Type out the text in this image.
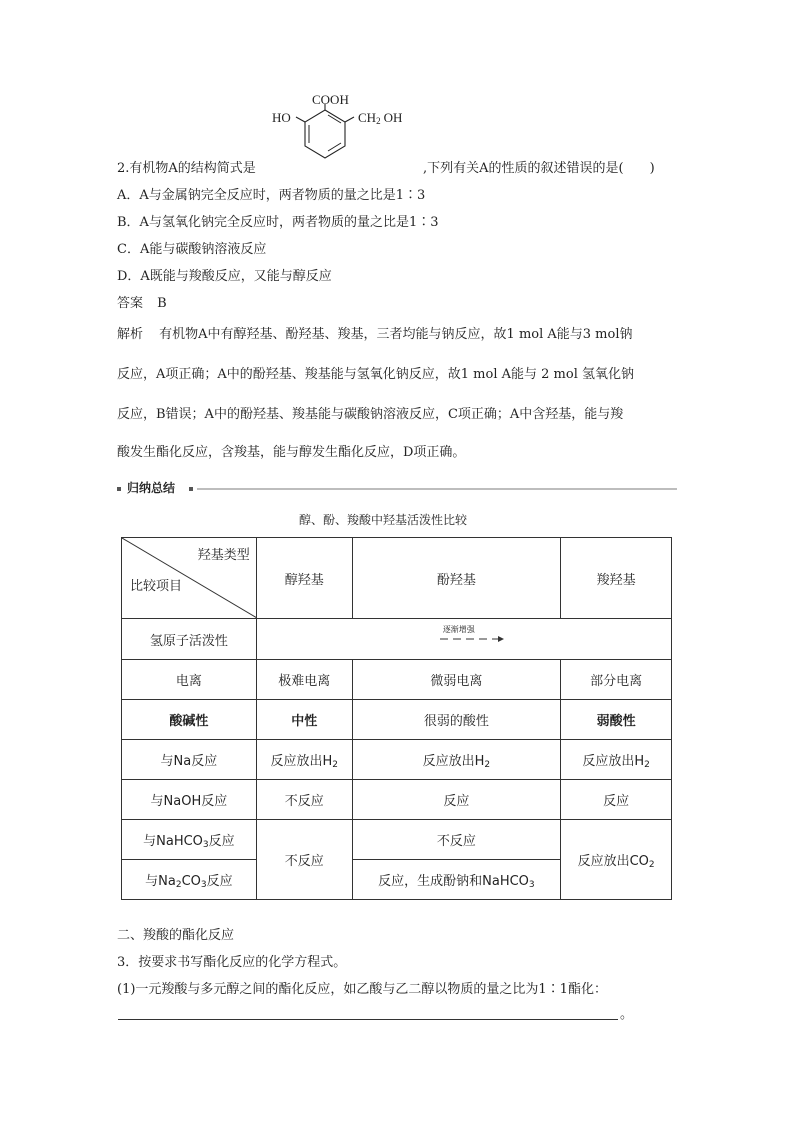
COOH
HO	$CH_2$ OH
2.有机物A的结构简式是	,下列有关A的性质的叙述错误的是(　　)
A．A与金属钠完全反应时，两者物质的量之比是1∶3
B．A与氢氧化钠完全反应时，两者物质的量之比是1∶3
C．A能与碳酸钠溶液反应
D．A既能与羧酸反应，又能与醇反应
答案 B
解析 有机物A中有醇羟基、酚羟基、羧基，三者均能与钠反应，故1 mol A能与3 mol钠
反应，A项正确；A中的酚羟基、羧基能与氢氧化钠反应，故1 mol A能与 2 mol 氢氧化钠
反应，B错误；A中的酚羟基、羧基能与碳酸钠溶液反应，C项正确；A中含羟基，能与羧
酸发生酯化反应，含羧基，能与醇发生酯化反应，D项正确。
归纳总结
醇、酚、羧酸中羟基活泼性比较
羟基类型
比较项目	醇羟基	酚羟基	羧羟基
氢原子活泼性	逐渐增强		

电离	极难电离	微弱电离	部分电离
酸碱性	中性	很弱的酸性	弱酸性
与Na反应	反应放出$H_2$	反应放出$H_2$	反应放出$H_2$
与NaOH反应	不反应	反应	反应
与NaHCO$_3$反应	不反应	不反应	反应放出$CO_2$
与$Na_2CO_3$反应		反应，生成酚钠和NaHCO$_3$
二、羧酸的酯化反应
3．按要求书写酯化反应的化学方程式。
(1)一元羧酸与多元醇之间的酯化反应，如乙酸与乙二醇以物质的量之比为1∶1酯化：
。
